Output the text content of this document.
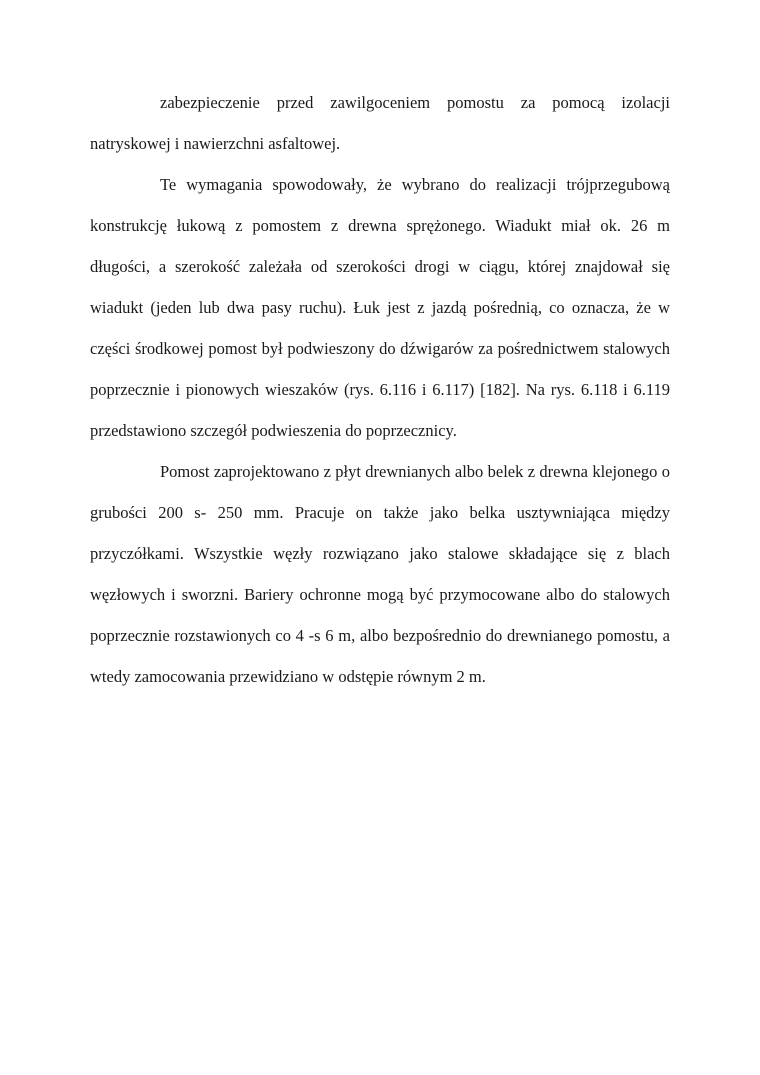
zabezpieczenie przed zawilgoceniem pomostu za pomocą izolacji natryskowej i nawierzchni asfaltowej.

Te wymagania spowodowały, że wybrano do realizacji trójprzegubową konstrukcję łukową z pomostem z drewna sprężonego. Wiadukt miał ok. 26 m długości, a szerokość zależała od szerokości drogi w ciągu, której znajdował się wiadukt (jeden lub dwa pasy ruchu). Łuk jest z jazdą pośrednią, co oznacza, że w części środkowej pomost był podwieszony do dźwigarów za pośrednictwem stalowych poprzecznie i pionowych wieszaków (rys. 6.116 i 6.117) [182]. Na rys. 6.118 i 6.119 przedstawiono szczegół podwieszenia do poprzecznicy.

Pomost zaprojektowano z płyt drewnianych albo belek z drewna klejonego o grubości 200 s- 250 mm. Pracuje on także jako belka usztywniająca między przyczółkami. Wszystkie węzły rozwiązano jako stalowe składające się z blach węzłowych i sworzni. Bariery ochronne mogą być przymocowane albo do stalowych poprzecznie rozstawionych co 4 -s 6 m, albo bezpośrednio do drewnianego pomostu, a wtedy zamocowania przewidziano w odstępie równym 2 m.
